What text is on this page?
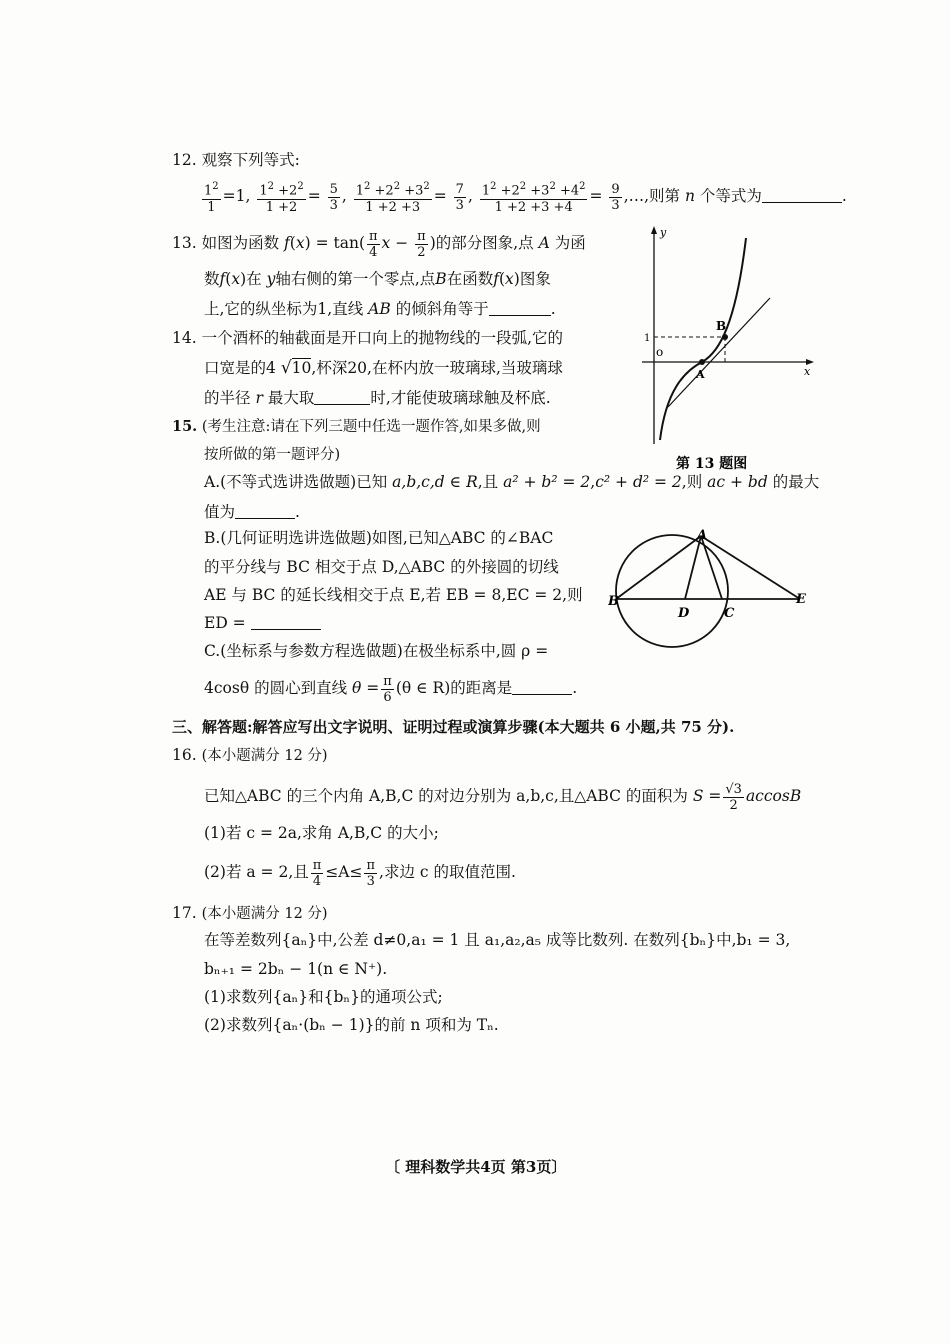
12. 观察下列等式:
$\frac{1^2}{1} =1$, $\frac{1^2 +2^2}{1 +2} = \frac{5}{3}$ , $\frac{1^2 +2^2 +3^2}{1 +2 +3} = \frac{7}{3}$ , $\frac{1^2 +2^2 +3^2 +4^2}{1 +2 +3 +4} = \frac{9}{3}$ ,…,则第 n 个等式为	.
13. 如图为函数 $f(x) = \tan( \frac{\pi}{4}$ $x - \frac{\pi}{2}$ )的部分图象,点 A 为函
数f(x)在 y轴右侧的第一个零点,点B在函数f(x)图象
上,它的纵坐标为1,直线 AB 的倾斜角等于	.
14. 一个酒杯的轴截面是开口向上的抛物线的一段弧,它的
口宽是的4 √10,杯深20,在杯内放一玻璃球,当玻璃球
的半径 r 最大取	时,才能使玻璃球触及杯底.
15. (考生注意:请在下列三题中任选一题作答,如果多做,则
按所做的第一题评分)
A.(不等式选讲选做题)已知 a,b,c,d ∈ R,且 a² + b² = 2,c² + d² = 2,则 ac + bd 的最大
值为	.
B.(几何证明选讲选做题)如图,已知△ABC 的∠BAC
的平分线与 BC 相交于点 D,△ABC 的外接圆的切线
AE 与 BC 的延长线相交于点 E,若 EB = 8,EC = 2,则
ED =
C.(坐标系与参数方程选做题)在极坐标系中,圆 ρ =
4cosθ 的圆心到直线 $\theta = \frac{\pi}{6} (\theta$ ∈ R)的距离是	.
y
x
o
1
A
B
第 13 题图
A
B
D	C
E
三、解答题:解答应写出文字说明、证明过程或演算步骤(本大题共 6 小题,共 75 分).
16. (本小题满分 12 分)
已知△ABC 的三个内角 A,B,C 的对边分别为 a,b,c,且△ABC 的面积为 $S = \frac{√3}{2}$ accosB
(1)若 c = 2a,求角 A,B,C 的大小;
(2)若 a = 2,且 $\frac{\pi}{4} \le A\le \frac{\pi}{3}$ ,求边 c 的取值范围.
17. (本小题满分 12 分)
在等差数列{aₙ}中,公差 d≠0,a₁ = 1 且 a₁,a₂,a₅ 成等比数列. 在数列{bₙ}中,b₁ = 3,
bₙ₊₁ = 2bₙ − 1(n ∈ N⁺).
(1)求数列{aₙ}和{bₙ}的通项公式;
(2)求数列{aₙ·(bₙ − 1)}的前 n 项和为 Tₙ.
〔 理科数学共4页 第3页〕
